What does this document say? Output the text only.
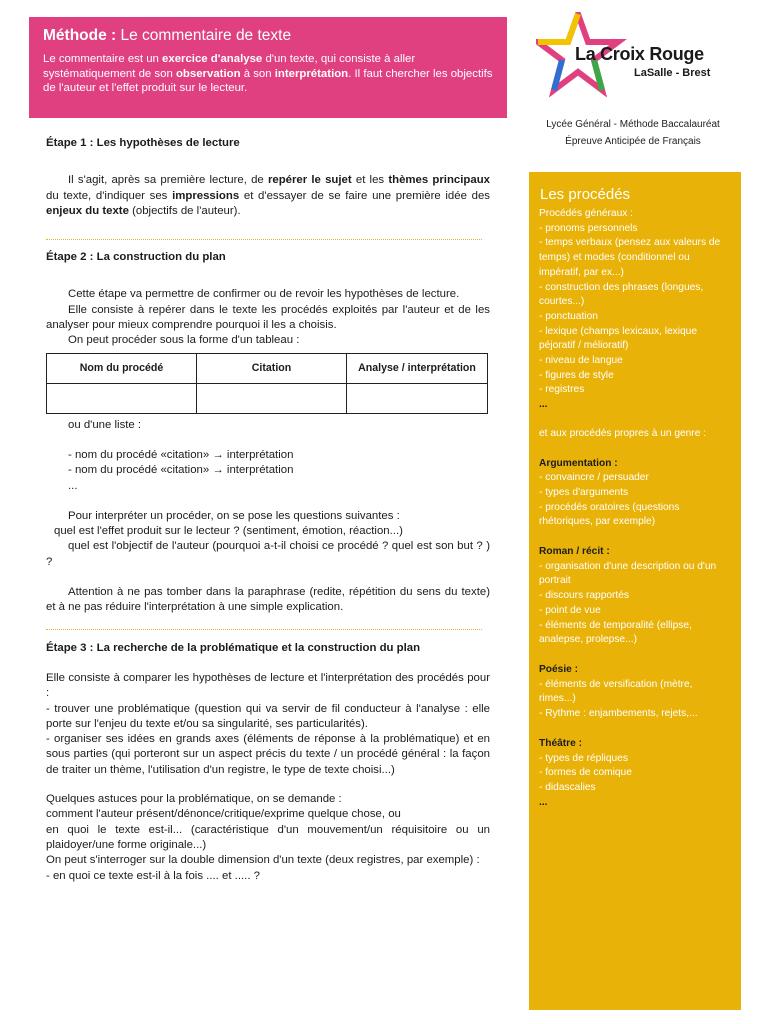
Méthode : Le commentaire de texte

Le commentaire est un exercice d'analyse d'un texte, qui consiste à aller systématiquement de son observation à son interprétation. Il faut chercher les objectifs de l'auteur et l'effet produit sur le lecteur.

La Croix Rouge
LaSalle - Brest
Lycée Général - Méthode Baccalauréat
Épreuve Anticipée de Français

Étape 1 : Les hypothèses de lecture

Il s'agit, après sa première lecture, de repérer le sujet et les thèmes principaux du texte, d'indiquer ses impressions et d'essayer de se faire une première idée des enjeux du texte (objectifs de l'auteur).

Étape 2 : La construction du plan

Cette étape va permettre de confirmer ou de revoir les hypothèses de lecture.

Elle consiste à repérer dans le texte les procédés exploités par l'auteur et de les analyser pour mieux comprendre pourquoi il les a choisis.

On peut procéder sous la forme d'un tableau :

Nom du procédé	Citation	Analyse / interprétation

ou d'une liste :

- nom du procédé «citation» → interprétation
- nom du procédé «citation» → interprétation
...

Pour interpréter un procéder, on se pose les questions suivantes :

quel est l'effet produit sur le lecteur ? (sentiment, émotion, réaction...)

quel est l'objectif de l'auteur (pourquoi a-t-il choisi ce procédé ? quel est son but ? ) ?

Attention à ne pas tomber dans la paraphrase (redite, répétition du sens du texte) et à ne pas réduire l'interprétation à une simple explication.

Étape 3 : La recherche de la problématique et la construction du plan

Elle consiste à comparer les hypothèses de lecture et l'interprétation des procédés pour :

- trouver une problématique (question qui va servir de fil conducteur à l'analyse : elle porte sur l'enjeu du texte et/ou sa singularité, ses particularités).

- organiser ses idées en grands axes (éléments de réponse à la problématique) et en sous parties (qui porteront sur un aspect précis du texte / un procédé général : la façon de traiter un thème, l'utilisation d'un registre, le type de texte choisi...)

Quelques astuces pour la problématique, on se demande :

comment l'auteur présent/dénonce/critique/exprime quelque chose, ou

en quoi le texte est-il... (caractéristique d'un mouvement/un réquisitoire ou un plaidoyer/une forme originale...)

On peut s'interroger sur la double dimension d'un texte (deux registres, par exemple) :

- en quoi ce texte est-il à la fois .... et ..... ?

Les procédés

Procédés généraux :
- pronoms personnels
- temps verbaux (pensez aux valeurs de temps) et modes (conditionnel ou impératif, par ex...)
- construction des phrases (longues, courtes...)
- ponctuation
- lexique (champs lexicaux, lexique péjoratif / mélioratif)
- niveau de langue
- figures de style
- registres
...
et aux procédés propres à un genre :
Argumentation :
- convaincre / persuader
- types d'arguments
- procédés oratoires (questions rhétoriques, par exemple)
Roman / récit :
- organisation d'une description ou d'un portrait
- discours rapportés
- point de vue
- éléments de temporalité (ellipse, analepse, prolepse...)
Poésie :
- éléments de versification (mètre, rimes...)
- Rythme : enjambements, rejets,...
Théâtre :
- types de répliques
- formes de comique
- didascalies
...
